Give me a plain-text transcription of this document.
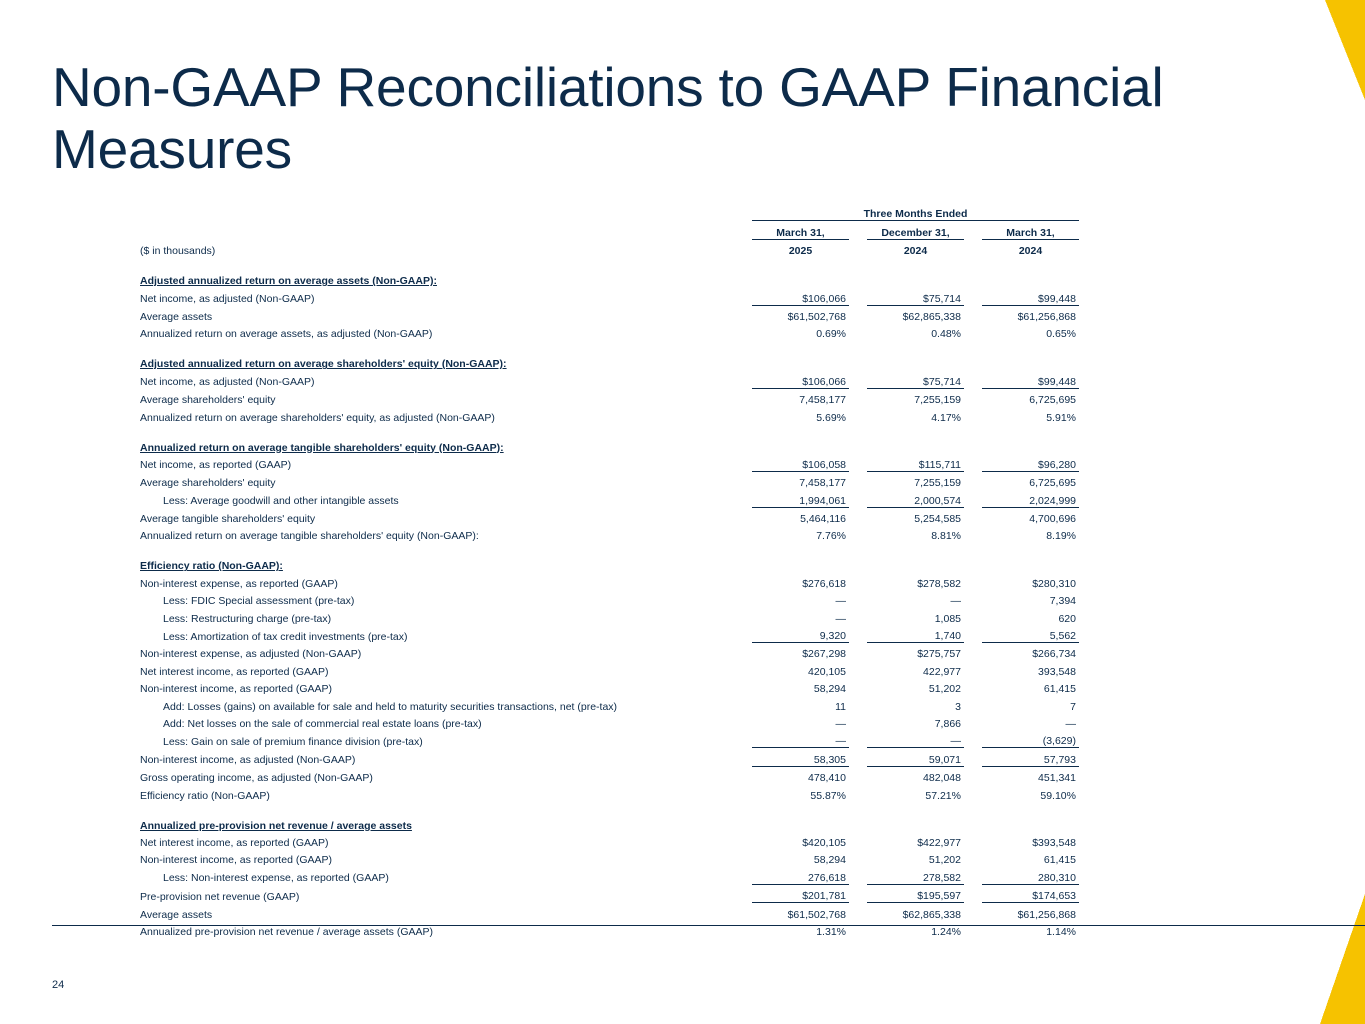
Non-GAAP Reconciliations to GAAP Financial Measures
	Three Months Ended				
	March 31,		December 31,		March 31,
($ in thousands)	2025		2024		2024
Adjusted annualized return on average assets (Non-GAAP):					
Net income, as adjusted (Non-GAAP)	$106,066		$75,714		$99,448
Average assets	$61,502,768		$62,865,338		$61,256,868
Annualized return on average assets, as adjusted (Non-GAAP)	0.69%		0.48%		0.65%
Adjusted annualized return on average shareholders' equity (Non-GAAP):					
Net income, as adjusted (Non-GAAP)	$106,066		$75,714		$99,448
Average shareholders' equity	7,458,177		7,255,159		6,725,695
Annualized return on average shareholders' equity, as adjusted (Non-GAAP)	5.69%		4.17%		5.91%
Annualized return on average tangible shareholders' equity (Non-GAAP):					
Net income, as reported (GAAP)	$106,058		$115,711		$96,280
Average shareholders' equity	7,458,177		7,255,159		6,725,695
Less: Average goodwill and other intangible assets	1,994,061		2,000,574		2,024,999
Average tangible shareholders' equity	5,464,116		5,254,585		4,700,696
Annualized return on average tangible shareholders' equity (Non-GAAP):	7.76%		8.81%		8.19%
Efficiency ratio (Non-GAAP):					
Non-interest expense, as reported (GAAP)	$276,618		$278,582		$280,310
Less: FDIC Special assessment (pre-tax)	—		—		7,394
Less: Restructuring charge (pre-tax)	—		1,085		620
Less: Amortization of tax credit investments (pre-tax)	9,320		1,740		5,562
Non-interest expense, as adjusted (Non-GAAP)	$267,298		$275,757		$266,734
Net interest income, as reported (GAAP)	420,105		422,977		393,548
Non-interest income, as reported (GAAP)	58,294		51,202		61,415
Add: Losses (gains) on available for sale and held to maturity securities transactions, net (pre-tax)	11		3		7
Add: Net losses on the sale of commercial real estate loans (pre-tax)	—		7,866		—
Less: Gain on sale of premium finance division (pre-tax)	—		—		(3,629)
Non-interest income, as adjusted (Non-GAAP)	58,305		59,071		57,793
Gross operating income, as adjusted (Non-GAAP)	478,410		482,048		451,341
Efficiency ratio (Non-GAAP)	55.87%		57.21%		59.10%
Annualized pre-provision net revenue / average assets					
Net interest income, as reported (GAAP)	$420,105		$422,977		$393,548
Non-interest income, as reported (GAAP)	58,294		51,202		61,415
Less: Non-interest expense, as reported (GAAP)	276,618		278,582		280,310
Pre-provision net revenue (GAAP)	$201,781		$195,597		$174,653
Average assets	$61,502,768		$62,865,338		$61,256,868
Annualized pre-provision net revenue / average assets (GAAP)	1.31%		1.24%		1.14%
24
